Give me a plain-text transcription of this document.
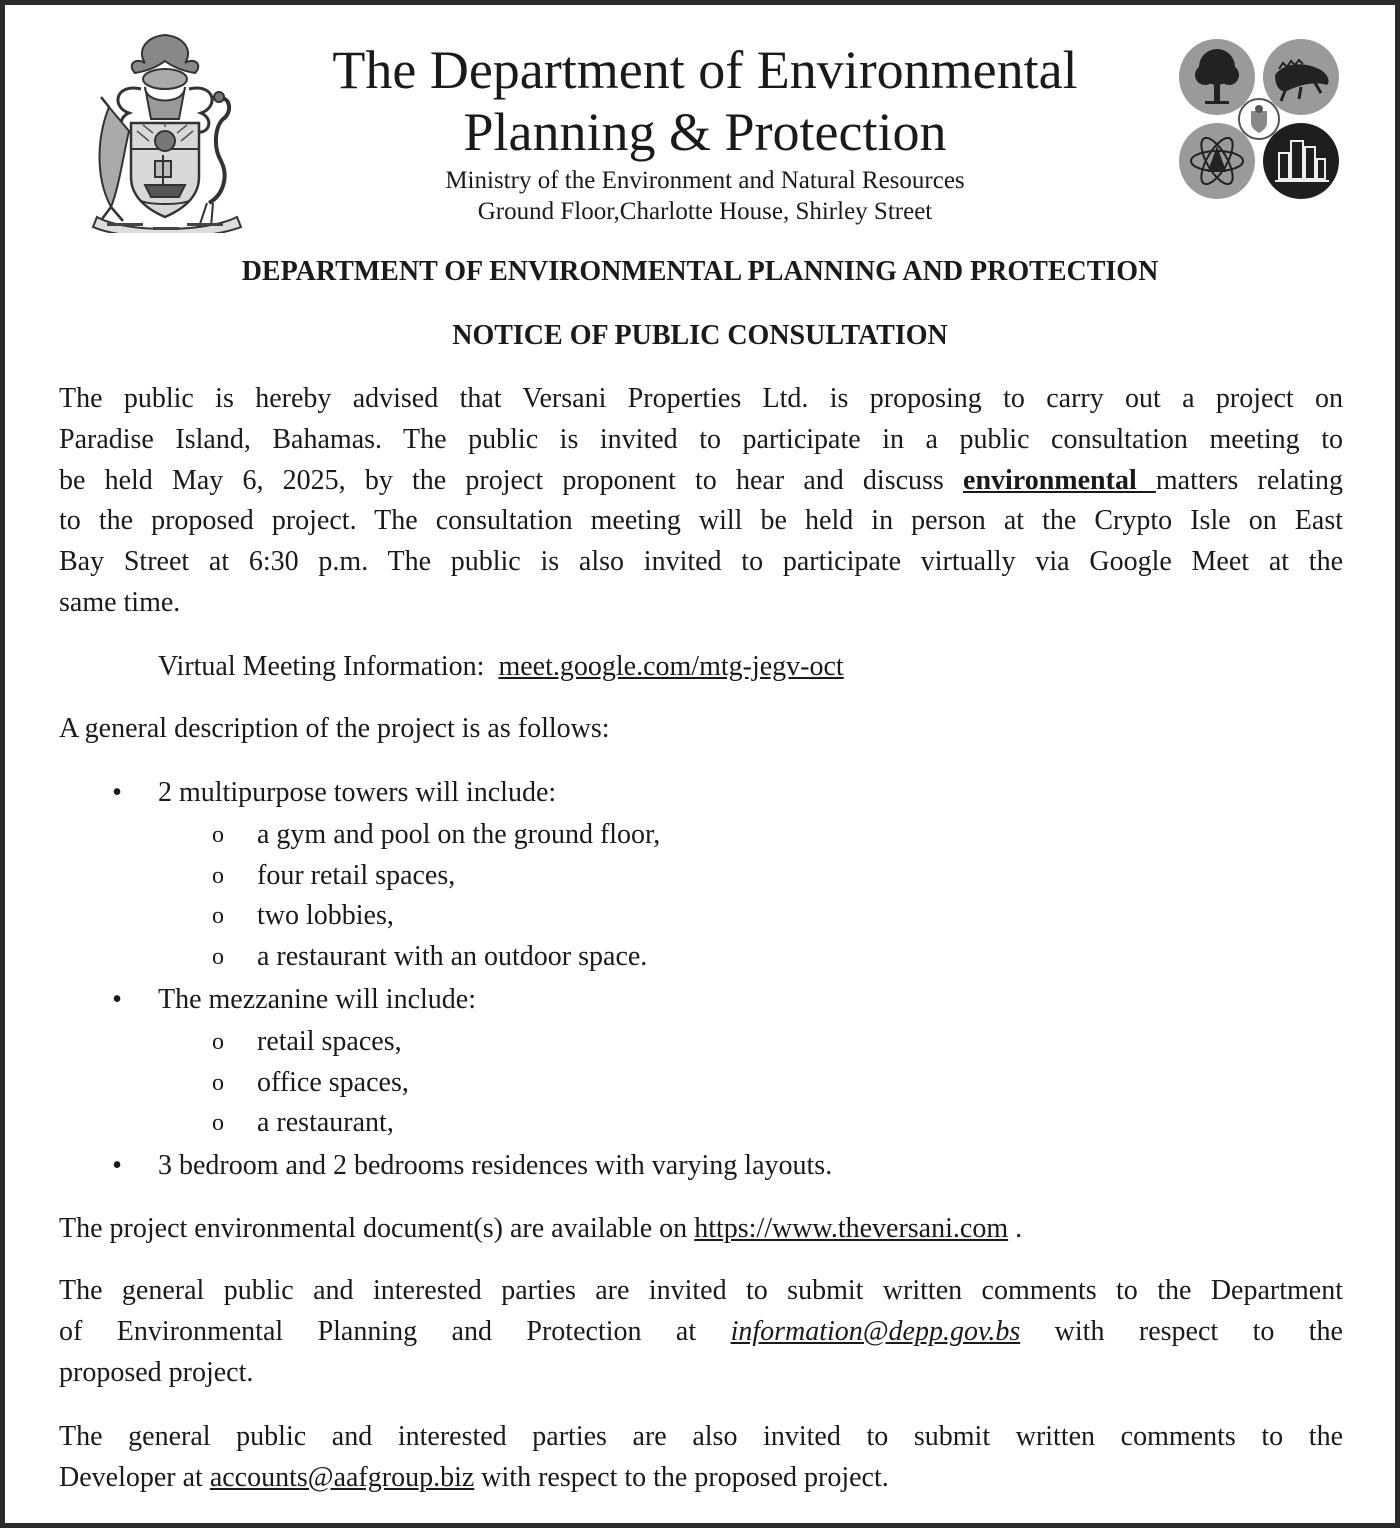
The Department of Environmental
Planning & Protection

Ministry of the Environment and Natural Resources

Ground Floor,Charlotte House, Shirley Street

DEPARTMENT OF ENVIRONMENTAL PLANNING AND PROTECTION
NOTICE OF PUBLIC CONSULTATION
The public is hereby advised that Versani Properties Ltd. is proposing to carry out a project on
Paradise Island, Bahamas. The public is invited to participate in a public consultation meeting to
be held May 6, 2025, by the project proponent to hear and discuss environmental matters relating
to the proposed project. The consultation meeting will be held in person at the Crypto Isle on East
Bay Street at 6:30 p.m. The public is also invited to participate virtually via Google Meet at the
same time.

Virtual Meeting Information: meet.google.com/mtg-jegv-oct

A general description of the project is as follows:

• 2 multipurpose towers will include:
o a gym and pool on the ground floor,
o four retail spaces,
o two lobbies,
o a restaurant with an outdoor space.
• The mezzanine will include:
o retail spaces,
o office spaces,
o a restaurant,
• 3 bedroom and 2 bedrooms residences with varying layouts.

The project environmental document(s) are available on https://www.theversani.com .

The general public and interested parties are invited to submit written comments to the Department
of Environmental Planning and Protection at information@depp.gov.bs with respect to the
proposed project.
The general public and interested parties are also invited to submit written comments to the
Developer at accounts@aafgroup.biz with respect to the proposed project.
